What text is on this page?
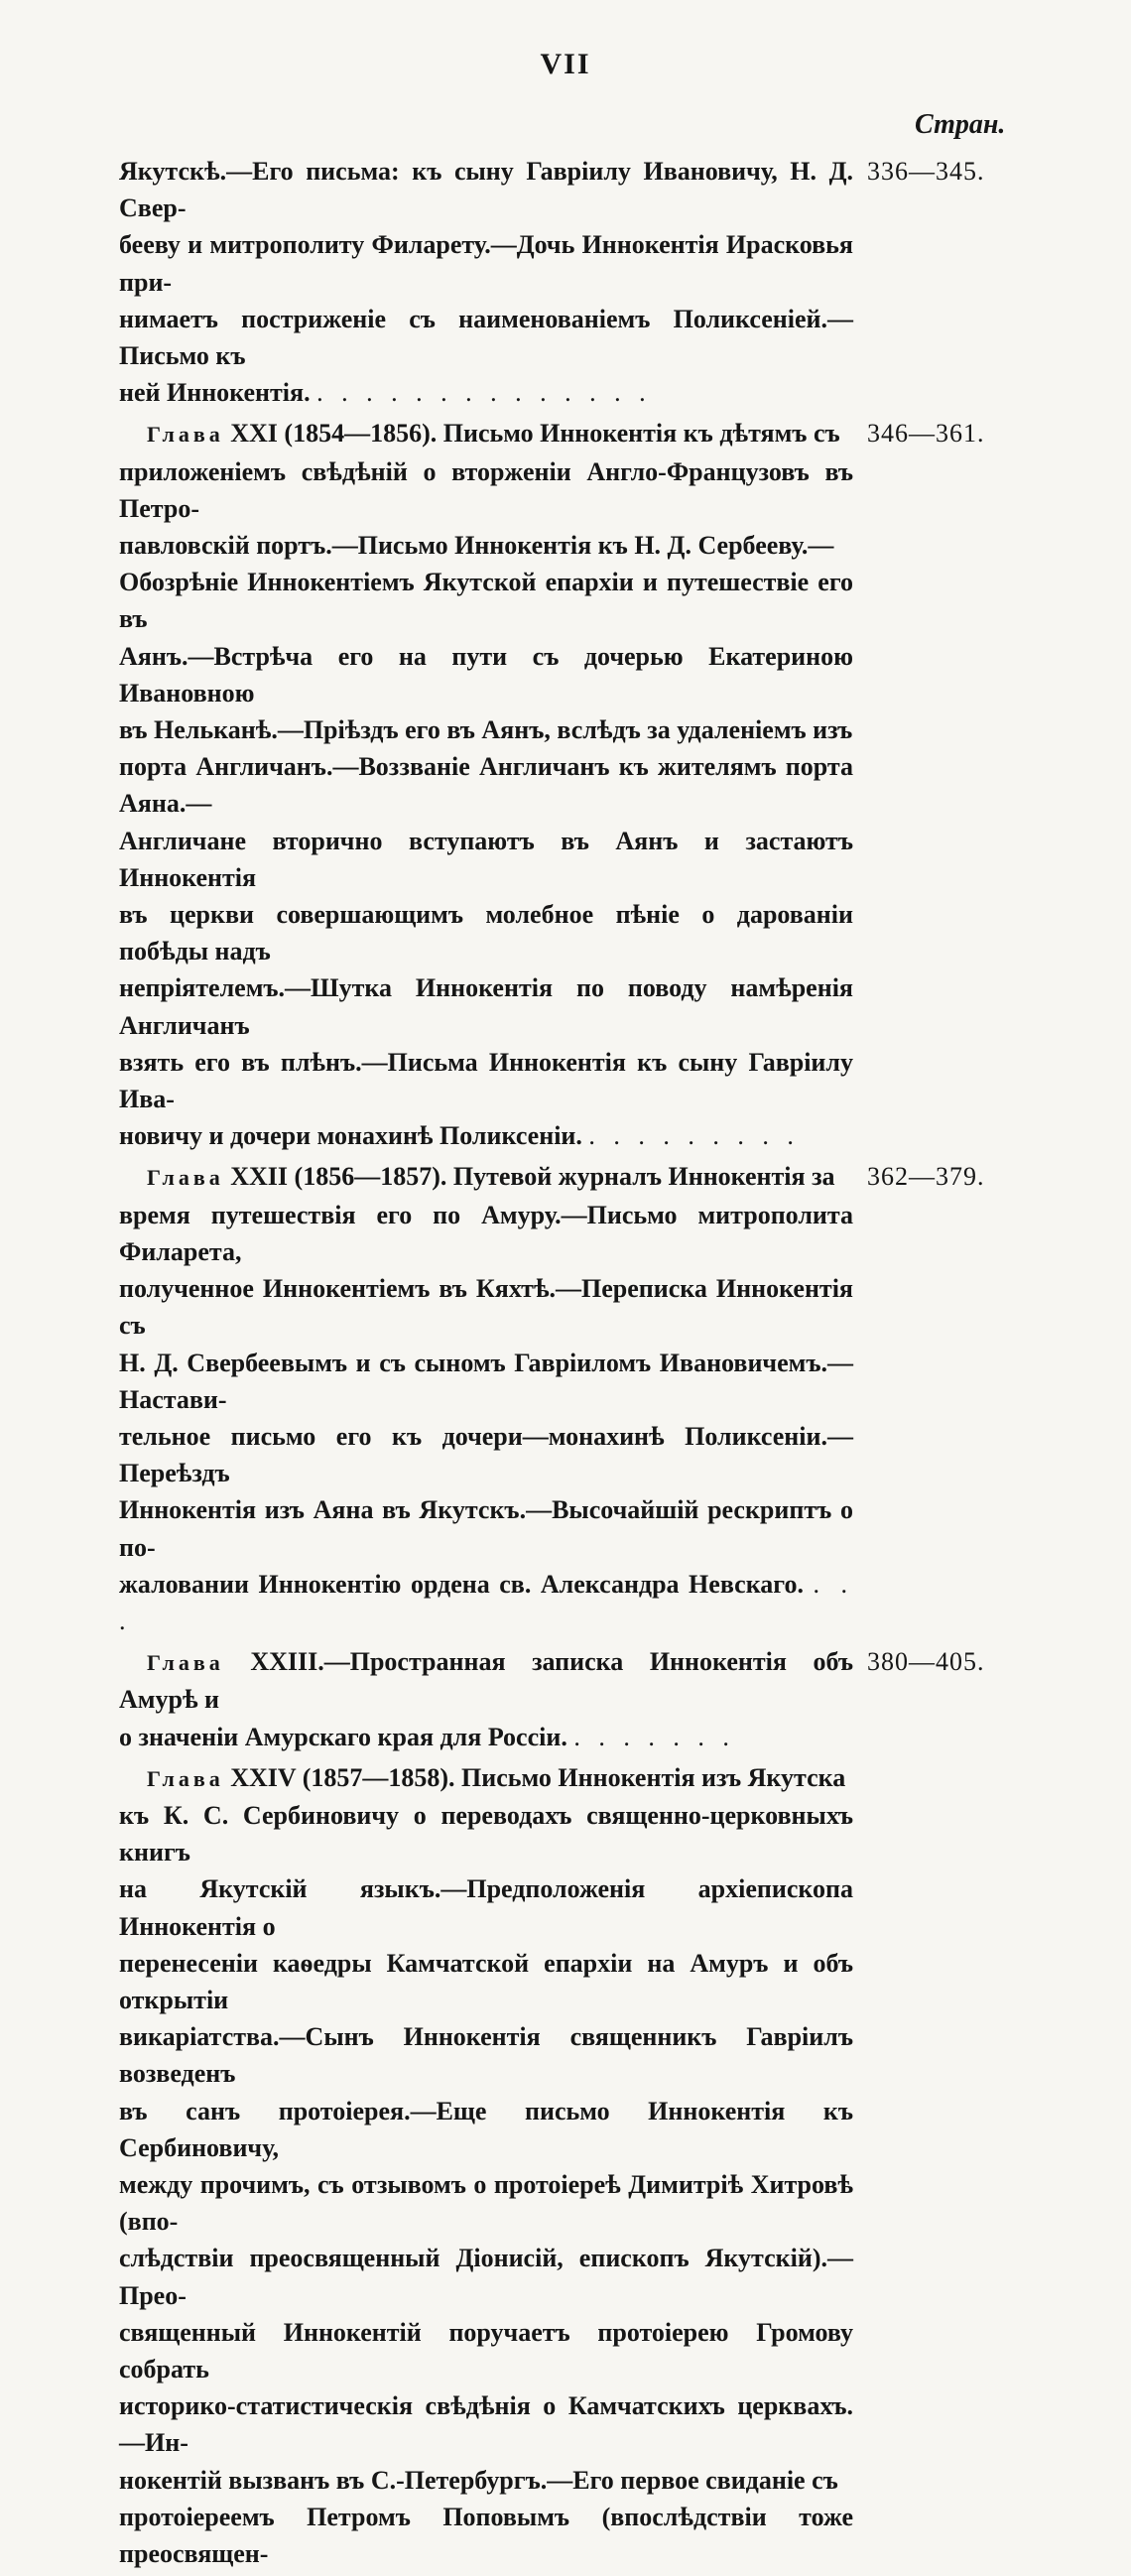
VII
Стран.

Якутскѣ.—Его письма: къ сыну Гавріилу Ивановичу, Н. Д. Свер-

бееву и митрополиту Филарету.—Дочь Иннокентія Ирасковья при-

нимаетъ постриженіе съ наименованіемъ Поликсеніей.—Письмо къ

ней Иннокентія. . . . . . . . . . . . . . .

336—345.

Глава XXI (1854—1856). Письмо Иннокентія къ дѣтямъ съ

приложеніемъ свѣдѣній о вторженіи Англо-Французовъ въ Петро-

павловскій портъ.—Письмо Иннокентія къ Н. Д. Сербееву.—

Обозрѣніе Иннокентіемъ Якутской епархіи и путешествіе его въ

Аянъ.—Встрѣча его на пути съ дочерью Екатериною Ивановною

въ Нельканѣ.—Пріѣздъ его въ Аянъ, вслѣдъ за удаленіемъ изъ

порта Англичанъ.—Воззваніе Англичанъ къ жителямъ порта Аяна.—

Англичане вторично вступаютъ въ Аянъ и застаютъ Иннокентія

въ церкви совершающимъ молебное пѣніе о дарованіи побѣды надъ

непріятелемъ.—Шутка Иннокентія по поводу намѣренія Англичанъ

взять его въ плѣнъ.—Письма Иннокентія къ сыну Гавріилу Ива-

новичу и дочери монахинѣ Поликсеніи. . . . . . . . . .

346—361.

Глава XXII (1856—1857). Путевой журналъ Иннокентія за

время путешествія его по Амуру.—Письмо митрополита Филарета,

полученное Иннокентіемъ въ Кяхтѣ.—Переписка Иннокентія съ

Н. Д. Свербеевымъ и съ сыномъ Гавріиломъ Ивановичемъ.—Настави-

тельное письмо его къ дочери—монахинѣ Поликсеніи.—Переѣздъ

Иннокентія изъ Аяна въ Якутскъ.—Высочайшій рескриптъ о по-

жаловании Иннокентію ордена св. Александра Невскаго. . . .

362—379.

Глава XXIII.—Пространная записка Иннокентія объ Амурѣ и

о значеніи Амурскаго края для Россіи. . . . . . . .

380—405.

Глава XXIV (1857—1858). Письмо Иннокентія изъ Якутска

къ К. С. Сербиновичу о переводахъ священно-церковныхъ книгъ

на Якутскій языкъ.—Предположенія архіепископа Иннокентія о

перенесеніи каѳедры Камчатской епархіи на Амуръ и объ открытіи

викаріатства.—Сынъ Иннокентія священникъ Гавріилъ возведенъ

въ санъ протоіерея.—Еще письмо Иннокентія къ Сербиновичу,

между прочимъ, съ отзывомъ о протоіереѣ Димитріѣ Хитровѣ (впо-

слѣдствіи преосвященный Діонисій, епископъ Якутскій).—Прео-

священный Иннокентій поручаетъ протоіерею Громову собрать

историко-статистическія свѣдѣнія о Камчатскихъ церквахъ.—Ин-

нокентій вызванъ въ С.-Петербургъ.—Его первое свиданіе съ

протоіереемъ Петромъ Поповымъ (впослѣдствіи тоже преосвящен-
